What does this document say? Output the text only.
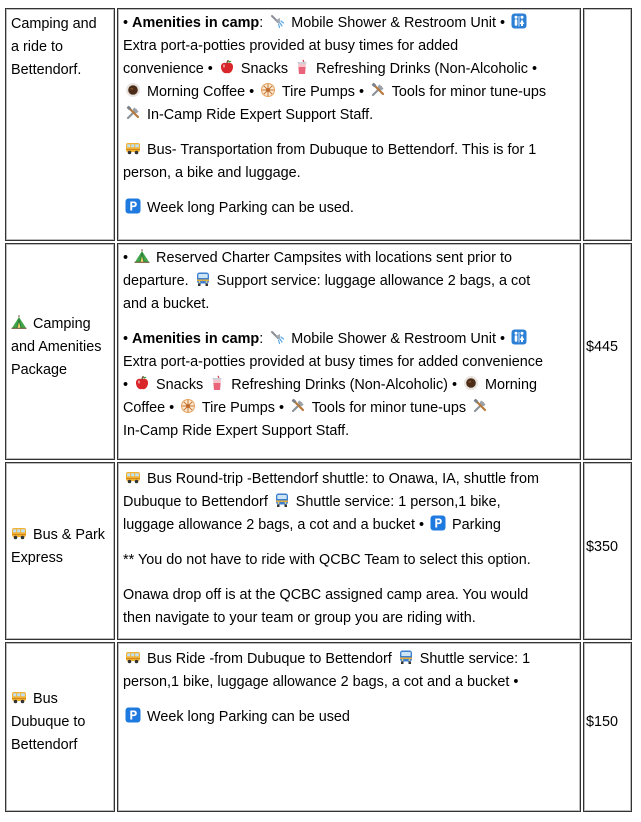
Camping and
a ride to
Bettendorf.
• Amenities in camp:
Mobile Shower & Restroom Unit •
Extra port-a-potties provided at busy times for added
convenience •
Snacks
Refreshing Drinks (Non-Alcoholic •
Morning Coffee •
Tire Pumps •
Tools for minor tune-ups
In-Camp Ride Expert Support Staff.
Bus- Transportation from Dubuque to Bettendorf. This is for 1
person, a bike and luggage.
Week long Parking can be used.
Camping
and Amenities
Package
•
Reserved Charter Campsites with locations sent prior to
departure.
Support service: luggage allowance 2 bags, a cot
and a bucket.
• Amenities in camp:
Mobile Shower & Restroom Unit •
Extra port-a-potties provided at busy times for added convenience
•
Snacks
Refreshing Drinks (Non-Alcoholic) •
Morning
Coffee •
Tire Pumps •
Tools for minor tune-ups
In-Camp Ride Expert Support Staff.
$445
Bus & Park
Express
Bus Round-trip -Bettendorf shuttle: to Onawa, IA, shuttle from
Dubuque to Bettendorf
Shuttle service: 1 person,1 bike,
luggage allowance 2 bags, a cot and a bucket •
Parking
** You do not have to ride with QCBC Team to select this option.
Onawa drop off is at the QCBC assigned camp area. You would
then navigate to your team or group you are riding with.
$350
Bus
Dubuque to
Bettendorf
Bus Ride -from Dubuque to Bettendorf
Shuttle service: 1
person,1 bike, luggage allowance 2 bags, a cot and a bucket •
Week long Parking can be used	$150
